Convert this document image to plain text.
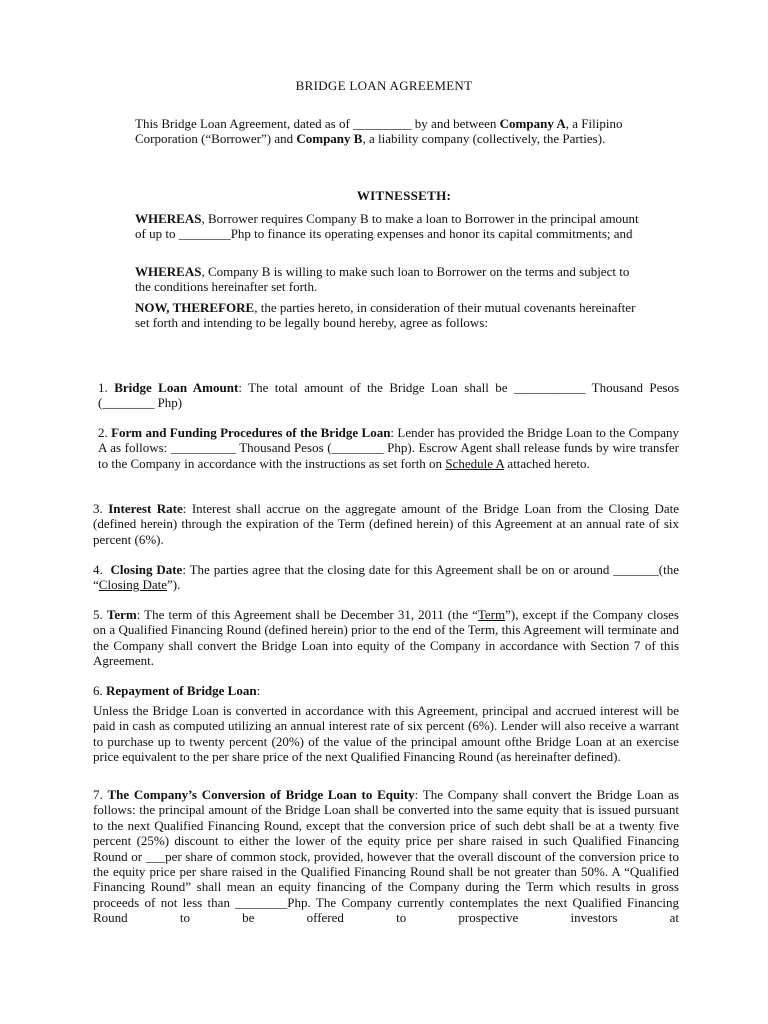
BRIDGE LOAN AGREEMENT

This Bridge Loan Agreement, dated as of _________ by and between Company A, a Filipino Corporation (“Borrower”) and Company B, a liability company (collectively, the Parties).

WITNESSETH:

WHEREAS, Borrower requires Company B to make a loan to Borrower in the principal amount of up to ________Php to finance its operating expenses and honor its capital commitments; and

WHEREAS, Company B is willing to make such loan to Borrower on the terms and subject to the conditions hereinafter set forth.

NOW, THEREFORE, the parties hereto, in consideration of their mutual covenants hereinafter set forth and intending to be legally bound hereby, agree as follows:

1. Bridge Loan Amount: The total amount of the Bridge Loan shall be ___________ Thousand Pesos (________ Php)

2. Form and Funding Procedures of the Bridge Loan: Lender has provided the Bridge Loan to the Company A as follows: __________ Thousand Pesos (________ Php). Escrow Agent shall release funds by wire transfer to the Company in accordance with the instructions as set forth on Schedule A attached hereto.

3. Interest Rate: Interest shall accrue on the aggregate amount of the Bridge Loan from the Closing Date (defined herein) through the expiration of the Term (defined herein) of this Agreement at an annual rate of six percent (6%).

4. Closing Date: The parties agree that the closing date for this Agreement shall be on or around _______(the “Closing Date”).

5. Term: The term of this Agreement shall be December 31, 2011 (the “Term”), except if the Company closes on a Qualified Financing Round (defined herein) prior to the end of the Term, this Agreement will terminate and the Company shall convert the Bridge Loan into equity of the Company in accordance with Section 7 of this Agreement.

6. Repayment of Bridge Loan:

Unless the Bridge Loan is converted in accordance with this Agreement, principal and accrued interest will be paid in cash as computed utilizing an annual interest rate of six percent (6%). Lender will also receive a warrant to purchase up to twenty percent (20%) of the value of the principal amount ofthe Bridge Loan at an exercise price equivalent to the per share price of the next Qualified Financing Round (as hereinafter defined).

7. The Company’s Conversion of Bridge Loan to Equity: The Company shall convert the Bridge Loan as follows: the principal amount of the Bridge Loan shall be converted into the same equity that is issued pursuant to the next Qualified Financing Round, except that the conversion price of such debt shall be at a twenty five percent (25%) discount to either the lower of the equity price per share raised in such Qualified Financing Round or ___per share of common stock, provided, however that the overall discount of the conversion price to the equity price per share raised in the Qualified Financing Round shall be not greater than 50%. A “Qualified Financing Round” shall mean an equity financing of the Company during the Term which results in gross proceeds of not less than ________Php. The Company currently contemplates the next Qualified Financing Round to be offered to prospective investors at
